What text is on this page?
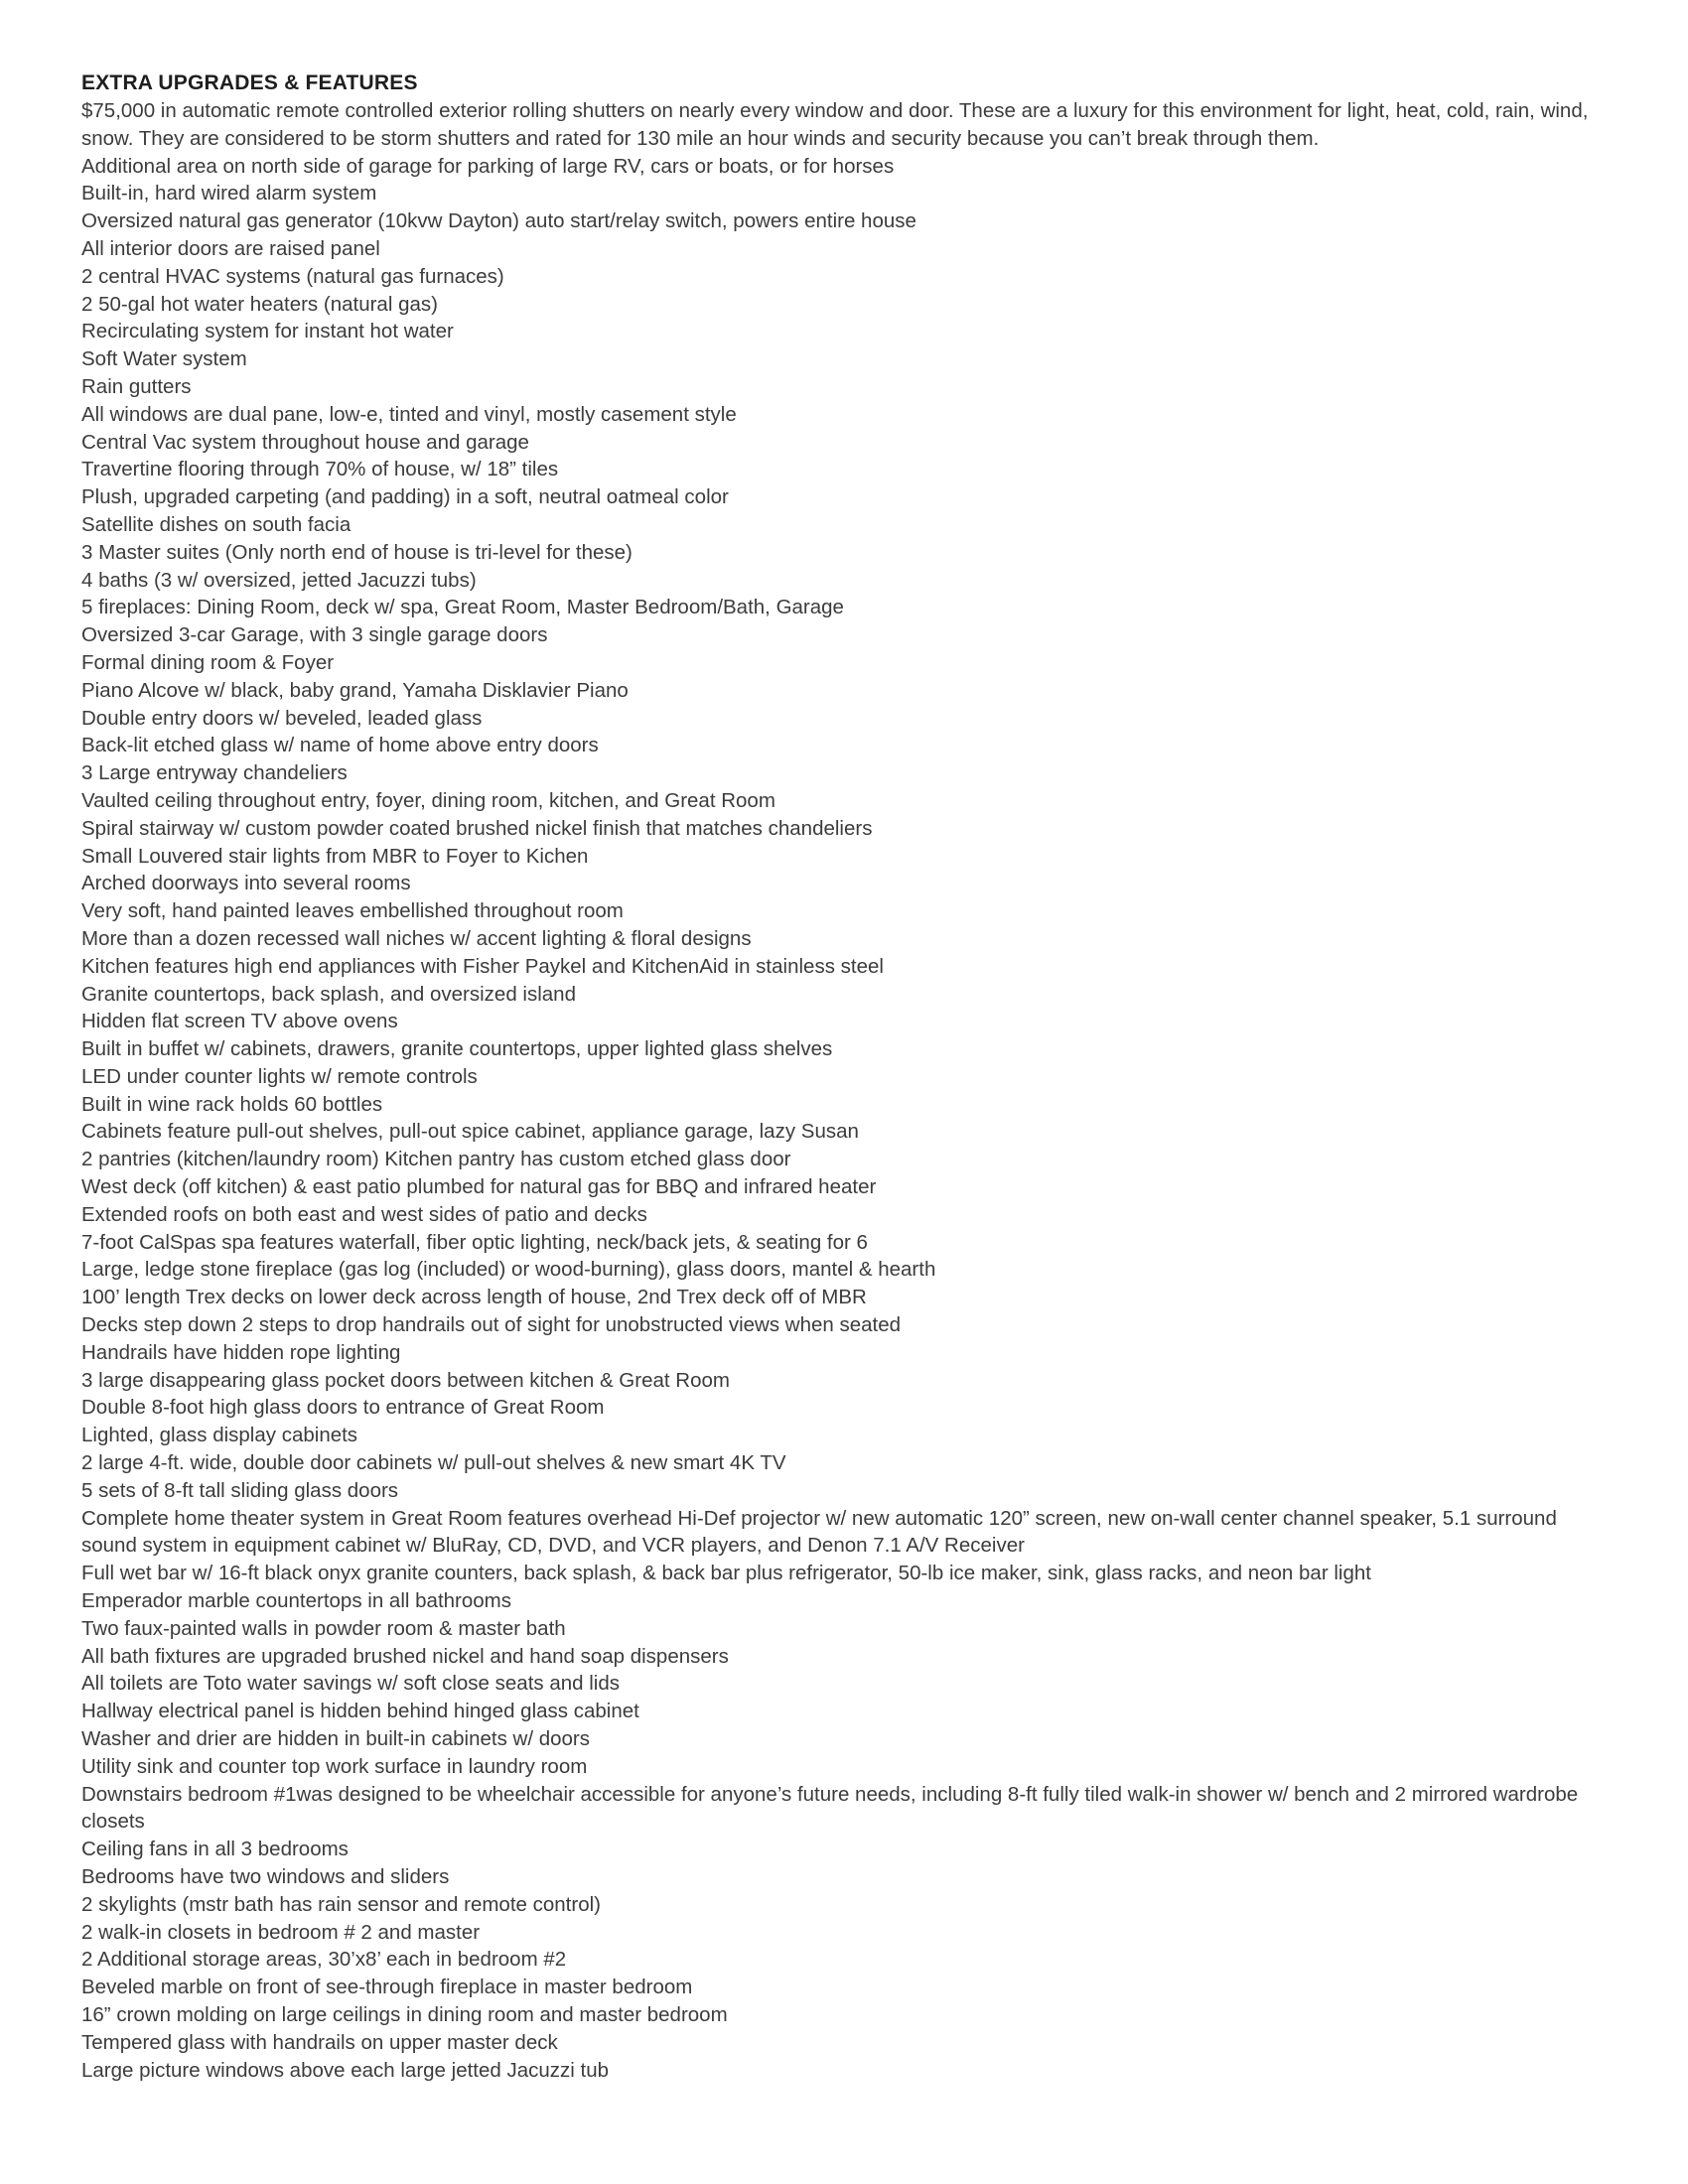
EXTRA UPGRADES & FEATURES
$75,000 in automatic remote controlled exterior rolling shutters on nearly every window and door. These are a luxury for this environment for light, heat, cold, rain, wind, snow. They are considered to be storm shutters and rated for 130 mile an hour winds and security because you can’t break through them.
Additional area on north side of garage for parking of large RV, cars or boats, or for horses
Built-in, hard wired alarm system
Oversized natural gas generator (10kvw Dayton) auto start/relay switch, powers entire house
All interior doors are raised panel
2 central HVAC systems (natural gas furnaces)
2 50-gal hot water heaters (natural gas)
Recirculating system for instant hot water
Soft Water system
Rain gutters
All windows are dual pane, low-e, tinted and vinyl, mostly casement style
Central Vac system throughout house and garage
Travertine flooring through 70% of house, w/ 18” tiles
Plush, upgraded carpeting (and padding) in a soft, neutral oatmeal color
Satellite dishes on south facia
3 Master suites (Only north end of house is tri-level for these)
4 baths (3 w/ oversized, jetted Jacuzzi tubs)
5 fireplaces: Dining Room, deck w/ spa, Great Room, Master Bedroom/Bath, Garage
Oversized 3-car Garage, with 3 single garage doors
Formal dining room & Foyer
Piano Alcove w/ black, baby grand, Yamaha Disklavier Piano
Double entry doors w/ beveled, leaded glass
Back-lit etched glass w/ name of home above entry doors
3 Large entryway chandeliers
Vaulted ceiling throughout entry, foyer, dining room, kitchen, and Great Room
Spiral stairway w/ custom powder coated brushed nickel finish that matches chandeliers
Small Louvered stair lights from MBR to Foyer to Kichen
Arched doorways into several rooms
Very soft, hand painted leaves embellished throughout room
More than a dozen recessed wall niches w/ accent lighting & floral designs
Kitchen features high end appliances with Fisher Paykel and KitchenAid in stainless steel
Granite countertops, back splash, and oversized island
Hidden flat screen TV above ovens
Built in buffet w/ cabinets, drawers, granite countertops, upper lighted glass shelves
LED under counter lights w/ remote controls
Built in wine rack holds 60 bottles
Cabinets feature pull-out shelves, pull-out spice cabinet, appliance garage, lazy Susan
2 pantries (kitchen/laundry room) Kitchen pantry has custom etched glass door
West deck (off kitchen) & east patio plumbed for natural gas for BBQ and infrared heater
Extended roofs on both east and west sides of patio and decks
7-foot CalSpas spa features waterfall, fiber optic lighting, neck/back jets, & seating for 6
Large, ledge stone fireplace (gas log (included) or wood-burning), glass doors, mantel & hearth
100’ length Trex decks on lower deck across length of house, 2nd Trex deck off of MBR
Decks step down 2 steps to drop handrails out of sight for unobstructed views when seated
Handrails have hidden rope lighting
3 large disappearing glass pocket doors between kitchen & Great Room
Double 8-foot high glass doors to entrance of Great Room
Lighted, glass display cabinets
2 large 4-ft. wide, double door cabinets w/ pull-out shelves & new smart 4K TV
5 sets of 8-ft tall sliding glass doors
Complete home theater system in Great Room features overhead Hi-Def projector w/ new automatic 120” screen, new on-wall center channel speaker, 5.1 surround sound system in equipment cabinet w/ BluRay, CD, DVD, and VCR players, and Denon 7.1 A/V Receiver
Full wet bar w/ 16-ft black onyx granite counters, back splash, & back bar plus refrigerator, 50-lb ice maker, sink, glass racks, and neon bar light
Emperador marble countertops in all bathrooms
Two faux-painted walls in powder room & master bath
All bath fixtures are upgraded brushed nickel and hand soap dispensers
All toilets are Toto water savings w/ soft close seats and lids
Hallway electrical panel is hidden behind hinged glass cabinet
Washer and drier are hidden in built-in cabinets w/ doors
Utility sink and counter top work surface in laundry room
Downstairs bedroom #1was designed to be wheelchair accessible for anyone’s future needs, including 8-ft fully tiled walk-in shower w/ bench and 2 mirrored wardrobe closets
Ceiling fans in all 3 bedrooms
Bedrooms have two windows and sliders
2 skylights (mstr bath has rain sensor and remote control)
2 walk-in closets in bedroom # 2 and master
2 Additional storage areas, 30’x8’ each in bedroom #2
Beveled marble on front of see-through fireplace in master bedroom
16” crown molding on large ceilings in dining room and master bedroom
Tempered glass with handrails on upper master deck
Large picture windows above each large jetted Jacuzzi tub
